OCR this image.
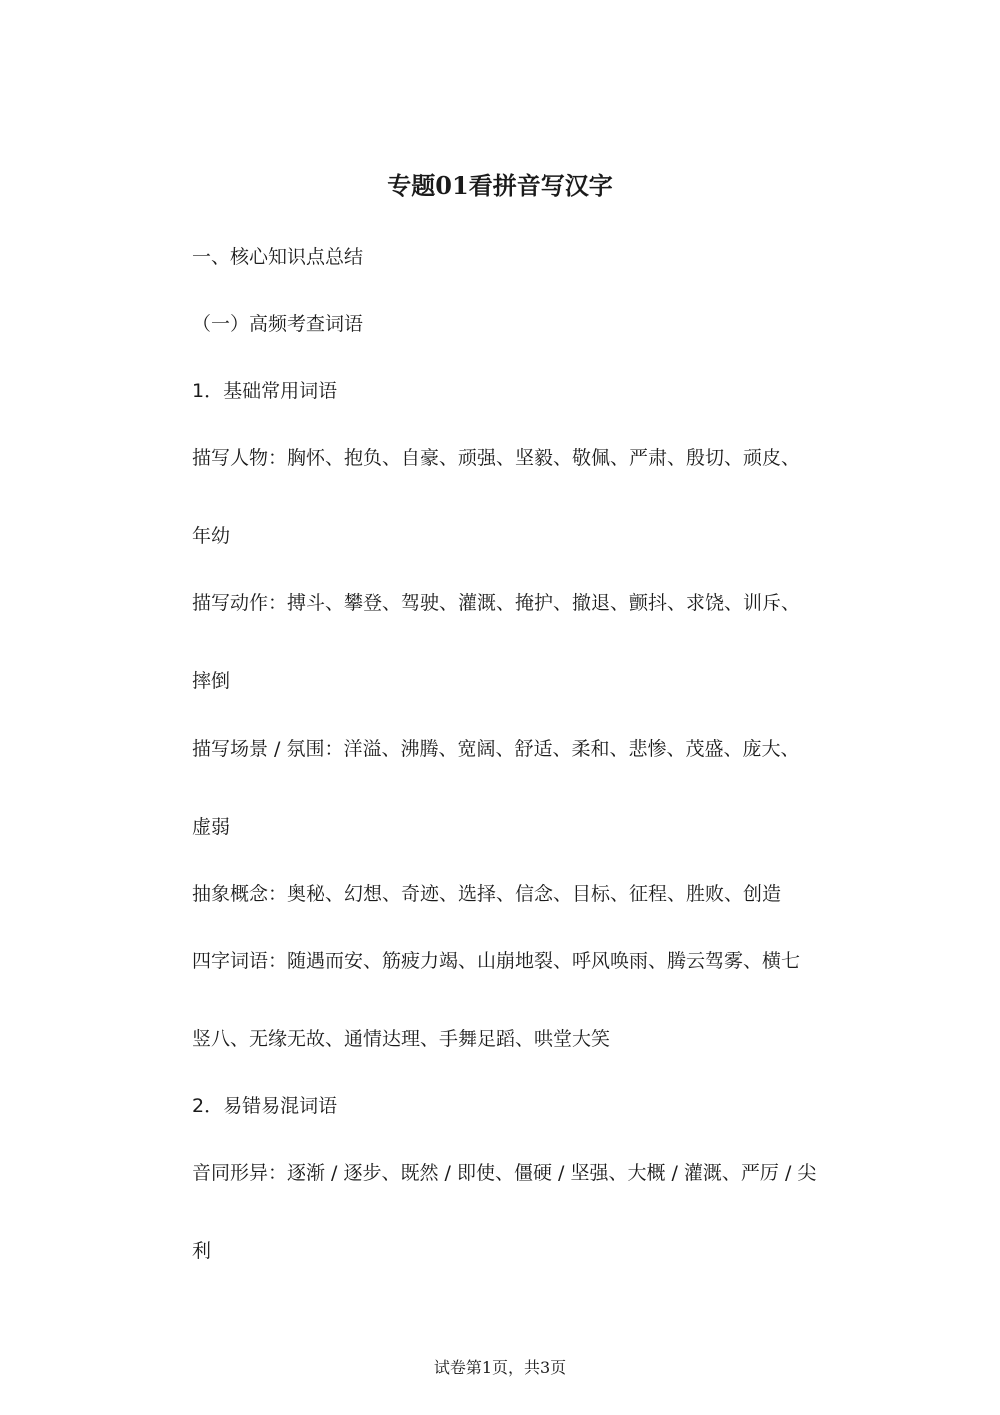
专题01看拼音写汉字

一、核心知识点总结

（一）高频考查词语

1．基础常用词语

描写人物：胸怀、抱负、自豪、顽强、坚毅、敬佩、严肃、殷切、顽皮、

年幼

描写动作：搏斗、攀登、驾驶、灌溉、掩护、撤退、颤抖、求饶、训斥、

摔倒

描写场景 / 氛围：洋溢、沸腾、宽阔、舒适、柔和、悲惨、茂盛、庞大、

虚弱

抽象概念：奥秘、幻想、奇迹、选择、信念、目标、征程、胜败、创造

四字词语：随遇而安、筋疲力竭、山崩地裂、呼风唤雨、腾云驾雾、横七

竖八、无缘无故、通情达理、手舞足蹈、哄堂大笑

2．易错易混词语

音同形异：逐渐 / 逐步、既然 / 即使、僵硬 / 坚强、大概 / 灌溉、严厉 / 尖

利

试卷第1页，共3页
